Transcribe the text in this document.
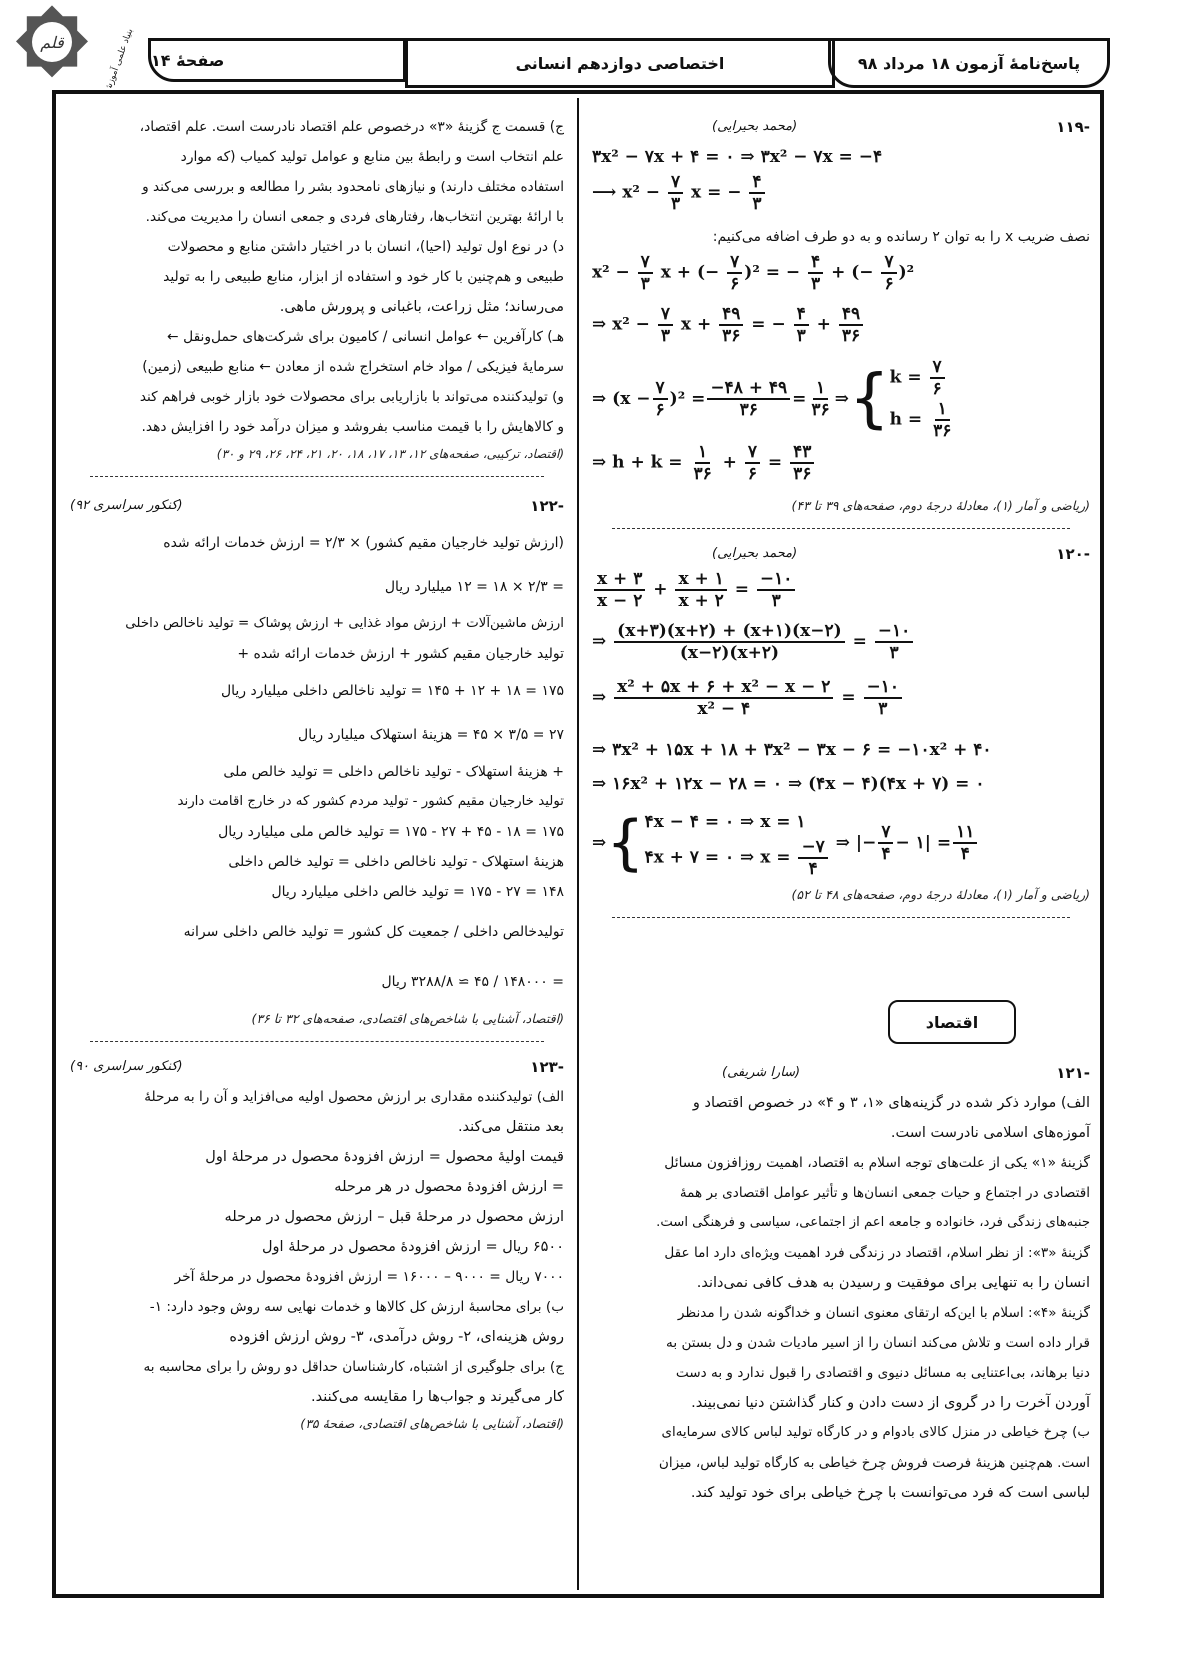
قلم	بنیاد علمی آموزشی	پاسخ‌نامهٔ آزمون ۱۸ مرداد ۹۸
اختصاصی دوازدهم انسانی
صفحهٔ ۱۴
-۱۱۹
(محمد بحیرایی)
۳x² − ۷x + ۴ = ۰ ⇒ ۳x² − ۷x = −۴
⟶ $x^2 - \frac{۷}{۳}$ x = − $\frac{۴}{۳}$
نصف ضریب x را به توان ۲ رسانده و به دو طرف اضافه می‌کنیم:
$x^2 - \frac{۷}{۳}$ x + (− $\frac{۷}{۶} )^2$ = − $\frac{۴}{۳}$ + (− $\frac{۷}{۶} )^2$
⇒ $x^2 - \frac{۷}{۳}$ $x + \frac{۴۹}{۳۶}$ = − $\frac{۴}{۳} + \frac{۴۹}{۳۶}$
⇒ $(x - \frac{۷}{۶} )^2 = \frac{-۴۸ + ۴۹}{۳۶} = \frac{۱}{۳۶}$ ⇒ { $k = \frac{۷}{۶}$
$h = \frac{۱}{۳۶}$
⇒ $h + k = \frac{۱}{۳۶} + \frac{۷}{۶} = \frac{۴۳}{۳۶}$
(ریاضی و آمار (۱)، معادلهٔ درجهٔ دوم، صفحه‌های ۳۹ تا ۴۳)
-۱۲۰
(محمد بحیرایی)
$\frac{x + ۳}{x - ۲} + \frac{x + ۱}{x + ۲} = \frac{-۱۰}{۳}$
⇒ $\frac{(x+۳)(x+۲) + (x+۱)(x-۲)}{(x-۲)(x+۲)} = \frac{-۱۰}{۳}$
⇒ $\frac{\text{x² + ۵x + ۶ + x² − x − ۲}}{\text{x² − ۴}} = \frac{-۱۰}{۳}$
⇒ ۳x² + ۱۵x + ۱۸ + ۳x² − ۳x − ۶ = −۱۰x² + ۴۰
⇒ ۱۶x² + ۱۲x − ۲۸ = ۰ ⇒ (۴x − ۴)(۴x + ۷) = ۰
⇒ { ۴x − ۴ = ۰ ⇒ x = ۱
۴x + ۷ = ۰ ⇒ $x = \frac{-۷}{۴}$ ⇒ |− $\frac{۷}{۴}$ − ۱| = $\frac{۱۱}{۴}$
(ریاضی و آمار (۱)، معادلهٔ درجهٔ دوم، صفحه‌های ۴۸ تا ۵۲)
اقتصاد
-۱۲۱
(سارا شریفی)
الف) موارد ذکر شده در گزینه‌های «۱، ۳ و ۴» در خصوص اقتصاد و
آموزه‌های اسلامی نادرست است.
گزینهٔ «۱» یکی از علت‌های توجه اسلام به اقتصاد، اهمیت روزافزون مسائل
اقتصادی در اجتماع و حیات جمعی انسان‌ها و تأثیر عوامل اقتصادی بر همهٔ
جنبه‌های زندگی فرد، خانواده و جامعه اعم از اجتماعی، سیاسی و فرهنگی است.
گزینهٔ «۳»: از نظر اسلام، اقتصاد در زندگی فرد اهمیت ویژه‌ای دارد اما عقل
انسان را به تنهایی برای موفقیت و رسیدن به هدف کافی نمی‌داند.
گزینهٔ «۴»: اسلام با این‌که ارتقای معنوی انسان و خداگونه شدن را مدنظر
قرار داده است و تلاش می‌کند انسان را از اسیر مادیات شدن و دل بستن به
دنیا برهاند، بی‌اعتنایی به مسائل دنیوی و اقتصادی را قبول ندارد و به دست
آوردن آخرت را در گروی از دست دادن و کنار گذاشتن دنیا نمی‌بیند.
ب) چرخ خیاطی در منزل کالای بادوام و در کارگاه تولید لباس کالای سرمایه‌ای
است. هم‌چنین هزینهٔ فرصت فروش چرخ خیاطی به کارگاه تولید لباس، میزان
لباسی است که فرد می‌توانست با چرخ خیاطی برای خود تولید کند.
ج) قسمت ج گزینهٔ «۳» درخصوص علم اقتصاد نادرست است. علم اقتصاد،
علم انتخاب است و رابطهٔ بین منابع و عوامل تولید کمیاب (که موارد
استفاده مختلف دارند) و نیازهای نامحدود بشر را مطالعه و بررسی می‌کند و
با ارائهٔ بهترین انتخاب‌ها، رفتارهای فردی و جمعی انسان را مدیریت می‌کند.
د) در نوع اول تولید (احیا)، انسان با در اختیار داشتن منابع و محصولات
طبیعی و هم‌چنین با کار خود و استفاده از ابزار، منابع طبیعی را به تولید
می‌رساند؛ مثل زراعت، باغبانی و پرورش ماهی.
هـ) کارآفرین ← عوامل انسانی / کامیون برای شرکت‌های حمل‌ونقل ←
سرمایهٔ فیزیکی / مواد خام استخراج شده از معادن ← منابع طبیعی (زمین)
و) تولیدکننده می‌تواند با بازاریابی برای محصولات خود بازار خوبی فراهم کند
و کالاهایش را با قیمت مناسب بفروشد و میزان درآمد خود را افزایش دهد.
(اقتصاد، ترکیبی، صفحه‌های ۱۲، ۱۳، ۱۷، ۱۸، ۲۰، ۲۱، ۲۴، ۲۶، ۲۹ و ۳۰)
-۱۲۲
(کنکور سراسری ۹۲)
(ارزش تولید خارجیان مقیم کشور) × ۲/۳ = ارزش خدمات ارائه شده
= ۲/۳ × ۱۸ = ۱۲ میلیارد ریال
ارزش ماشین‌آلات + ارزش مواد غذایی + ارزش پوشاک = تولید ناخالص داخلی
تولید خارجیان مقیم کشور + ارزش خدمات ارائه شده +
۱۷۵ = ۱۸ + ۱۲ + ۱۴۵ = تولید ناخالص داخلی میلیارد ریال
۲۷ = ۳/۵ × ۴۵ = هزینهٔ استهلاک میلیارد ریال
+ هزینهٔ استهلاک - تولید ناخالص داخلی = تولید خالص ملی
تولید خارجیان مقیم کشور - تولید مردم کشور که در خارج اقامت دارند
۱۷۵ = ۱۸ - ۴۵ + ۲۷ - ۱۷۵ = تولید خالص ملی میلیارد ریال
هزینهٔ استهلاک - تولید ناخالص داخلی = تولید خالص داخلی
۱۴۸ = ۲۷ - ۱۷۵ = تولید خالص داخلی میلیارد ریال
تولیدخالص داخلی / جمعیت کل کشور = تولید خالص داخلی سرانه
= ۱۴۸۰۰۰ / ۴۵ ≃ ۳۲۸۸/۸ ریال
(اقتصاد، آشنایی با شاخص‌های اقتصادی، صفحه‌های ۳۲ تا ۳۶)
-۱۲۳
(کنکور سراسری ۹۰)
الف) تولیدکننده مقداری بر ارزش محصول اولیه می‌افزاید و آن را به مرحلهٔ
بعد منتقل می‌کند.
قیمت اولیهٔ محصول = ارزش افزودهٔ محصول در مرحلهٔ اول
= ارزش افزودهٔ محصول در هر مرحله
ارزش محصول در مرحلهٔ قبل – ارزش محصول در مرحله
۶۵۰۰ ریال = ارزش افزودهٔ محصول در مرحلهٔ اول
۷۰۰۰ ریال = ۹۰۰۰ – ۱۶۰۰۰ = ارزش افزودهٔ محصول در مرحلهٔ آخر
ب) برای محاسبهٔ ارزش کل کالاها و خدمات نهایی سه روش وجود دارد: ۱-
روش هزینه‌ای، ۲- روش درآمدی، ۳- روش ارزش افزوده
ج) برای جلوگیری از اشتباه، کارشناسان حداقل دو روش را برای محاسبه به
کار می‌گیرند و جواب‌ها را مقایسه می‌کنند.
(اقتصاد، آشنایی با شاخص‌های اقتصادی، صفحهٔ ۳۵)
